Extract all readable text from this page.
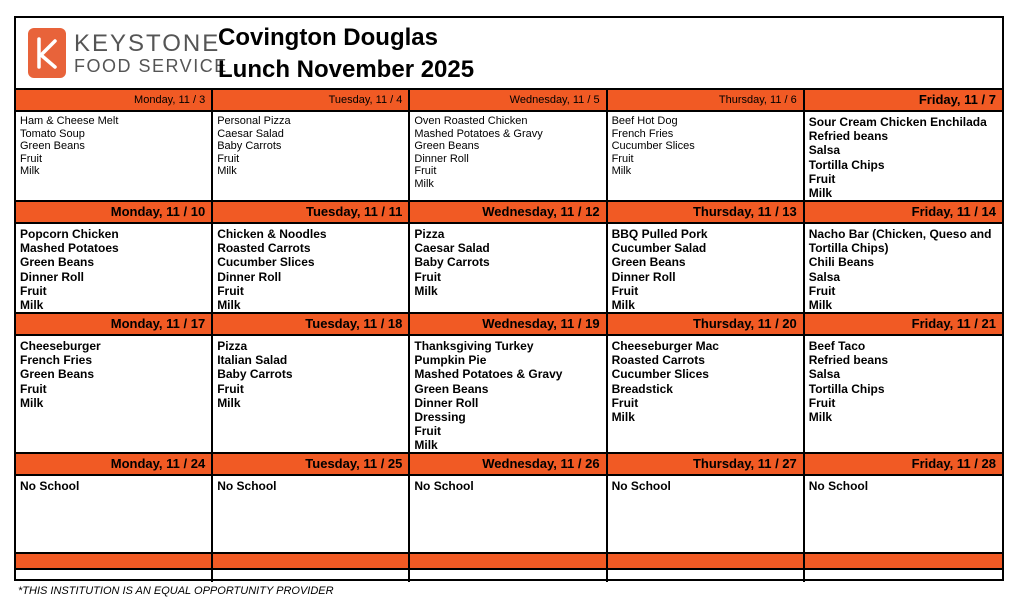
KEYSTONE
FOOD SERVICE
Covington Douglas
Lunch November 2025
Monday, 11 / 3
Ham & Cheese Melt
Tomato Soup
Green Beans
Fruit
Milk
Tuesday, 11 / 4
Personal Pizza
Caesar Salad
Baby Carrots
Fruit
Milk
Wednesday, 11 / 5
Oven Roasted Chicken
Mashed Potatoes & Gravy
Green Beans
Dinner Roll
Fruit
Milk
Thursday, 11 / 6
Beef Hot Dog
French Fries
Cucumber Slices
Fruit
Milk
Friday, 11 / 7
Sour Cream Chicken Enchilada
Refried beans
Salsa
Tortilla Chips
Fruit
Milk
Monday, 11 / 10
Popcorn Chicken
Mashed Potatoes
Green Beans
Dinner Roll
Fruit
Milk
Tuesday, 11 / 11
Chicken & Noodles
Roasted Carrots
Cucumber Slices
Dinner Roll
Fruit
Milk
Wednesday, 11 / 12
Pizza
Caesar Salad
Baby Carrots
Fruit
Milk
Thursday, 11 / 13
BBQ Pulled Pork
Cucumber Salad
Green Beans
Dinner Roll
Fruit
Milk
Friday, 11 / 14
Nacho Bar (Chicken, Queso and
Tortilla Chips)
Chili Beans
Salsa
Fruit
Milk
Monday, 11 / 17
Cheeseburger
French Fries
Green Beans
Fruit
Milk
Tuesday, 11 / 18
Pizza
Italian Salad
Baby Carrots
Fruit
Milk
Wednesday, 11 / 19
Thanksgiving Turkey
Pumpkin Pie
Mashed Potatoes & Gravy
Green Beans
Dinner Roll
Dressing
Fruit
Milk
Thursday, 11 / 20
Cheeseburger Mac
Roasted Carrots
Cucumber Slices
Breadstick
Fruit
Milk
Friday, 11 / 21
Beef Taco
Refried beans
Salsa
Tortilla Chips
Fruit
Milk
Monday, 11 / 24
No School
Tuesday, 11 / 25
No School
Wednesday, 11 / 26
No School
Thursday, 11 / 27
No School
Friday, 11 / 28
No School
*THIS INSTITUTION IS AN EQUAL OPPORTUNITY PROVIDER
